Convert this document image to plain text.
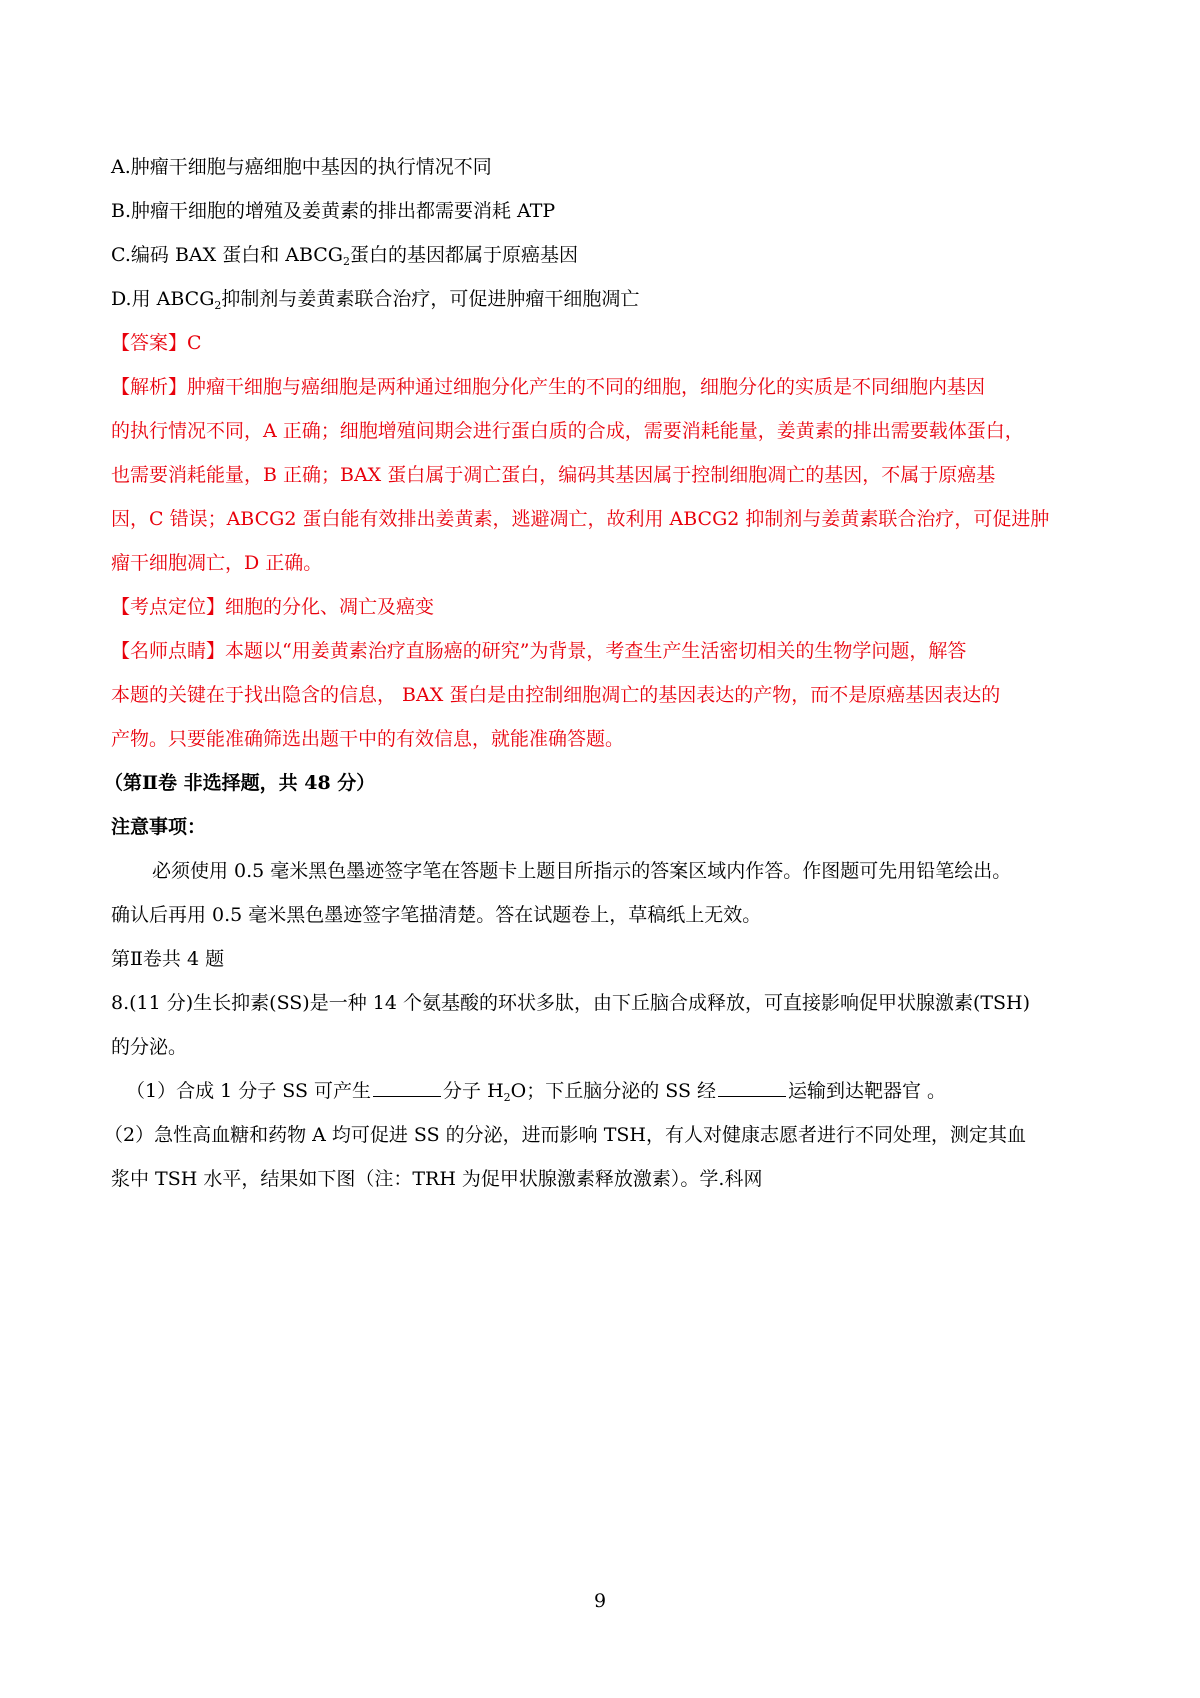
A.肿瘤干细胞与癌细胞中基因的执行情况不同
B.肿瘤干细胞的增殖及姜黄素的排出都需要消耗 ATP
C.编码 BAX 蛋白和 $ABCG_2$蛋白的基因都属于原癌基因
D.用 $ABCG_2$抑制剂与姜黄素联合治疗，可促进肿瘤干细胞凋亡
【答案】C
【解析】肿瘤干细胞与癌细胞是两种通过细胞分化产生的不同的细胞，细胞分化的实质是不同细胞内基因
的执行情况不同，A 正确；细胞增殖间期会进行蛋白质的合成，需要消耗能量，姜黄素的排出需要载体蛋白，
也需要消耗能量，B 正确；BAX 蛋白属于凋亡蛋白，编码其基因属于控制细胞凋亡的基因，不属于原癌基
因，C 错误；ABCG2 蛋白能有效排出姜黄素，逃避凋亡，故利用 ABCG2 抑制剂与姜黄素联合治疗，可促进肿
瘤干细胞凋亡，D 正确。
【考点定位】细胞的分化、凋亡及癌变
【名师点睛】本题以“用姜黄素治疗直肠癌的研究”为背景，考查生产生活密切相关的生物学问题，解答
本题的关键在于找出隐含的信息， BAX 蛋白是由控制细胞凋亡的基因表达的产物，而不是原癌基因表达的
产物。只要能准确筛选出题干中的有效信息，就能准确答题。
（第Ⅱ卷 非选择题，共 48 分）
注意事项：
必须使用 0.5 毫米黑色墨迹签字笔在答题卡上题目所指示的答案区域内作答。作图题可先用铅笔绘出。
确认后再用 0.5 毫米黑色墨迹签字笔描清楚。答在试题卷上，草稿纸上无效。
第Ⅱ卷共 4 题
8.(11 分)生长抑素(SS)是一种 14 个氨基酸的环状多肽，由下丘脑合成释放，可直接影响促甲状腺激素(TSH)
的分泌。
（1）合成 1 分子 SS 可产生	分子 $H_2O$；下丘脑分泌的 SS 经	运输到达靶器官 。
（2）急性高血糖和药物 A 均可促进 SS 的分泌，进而影响 TSH，有人对健康志愿者进行不同处理，测定其血
浆中 TSH 水平，结果如下图（注：TRH 为促甲状腺激素释放激素）。学.科网
9
